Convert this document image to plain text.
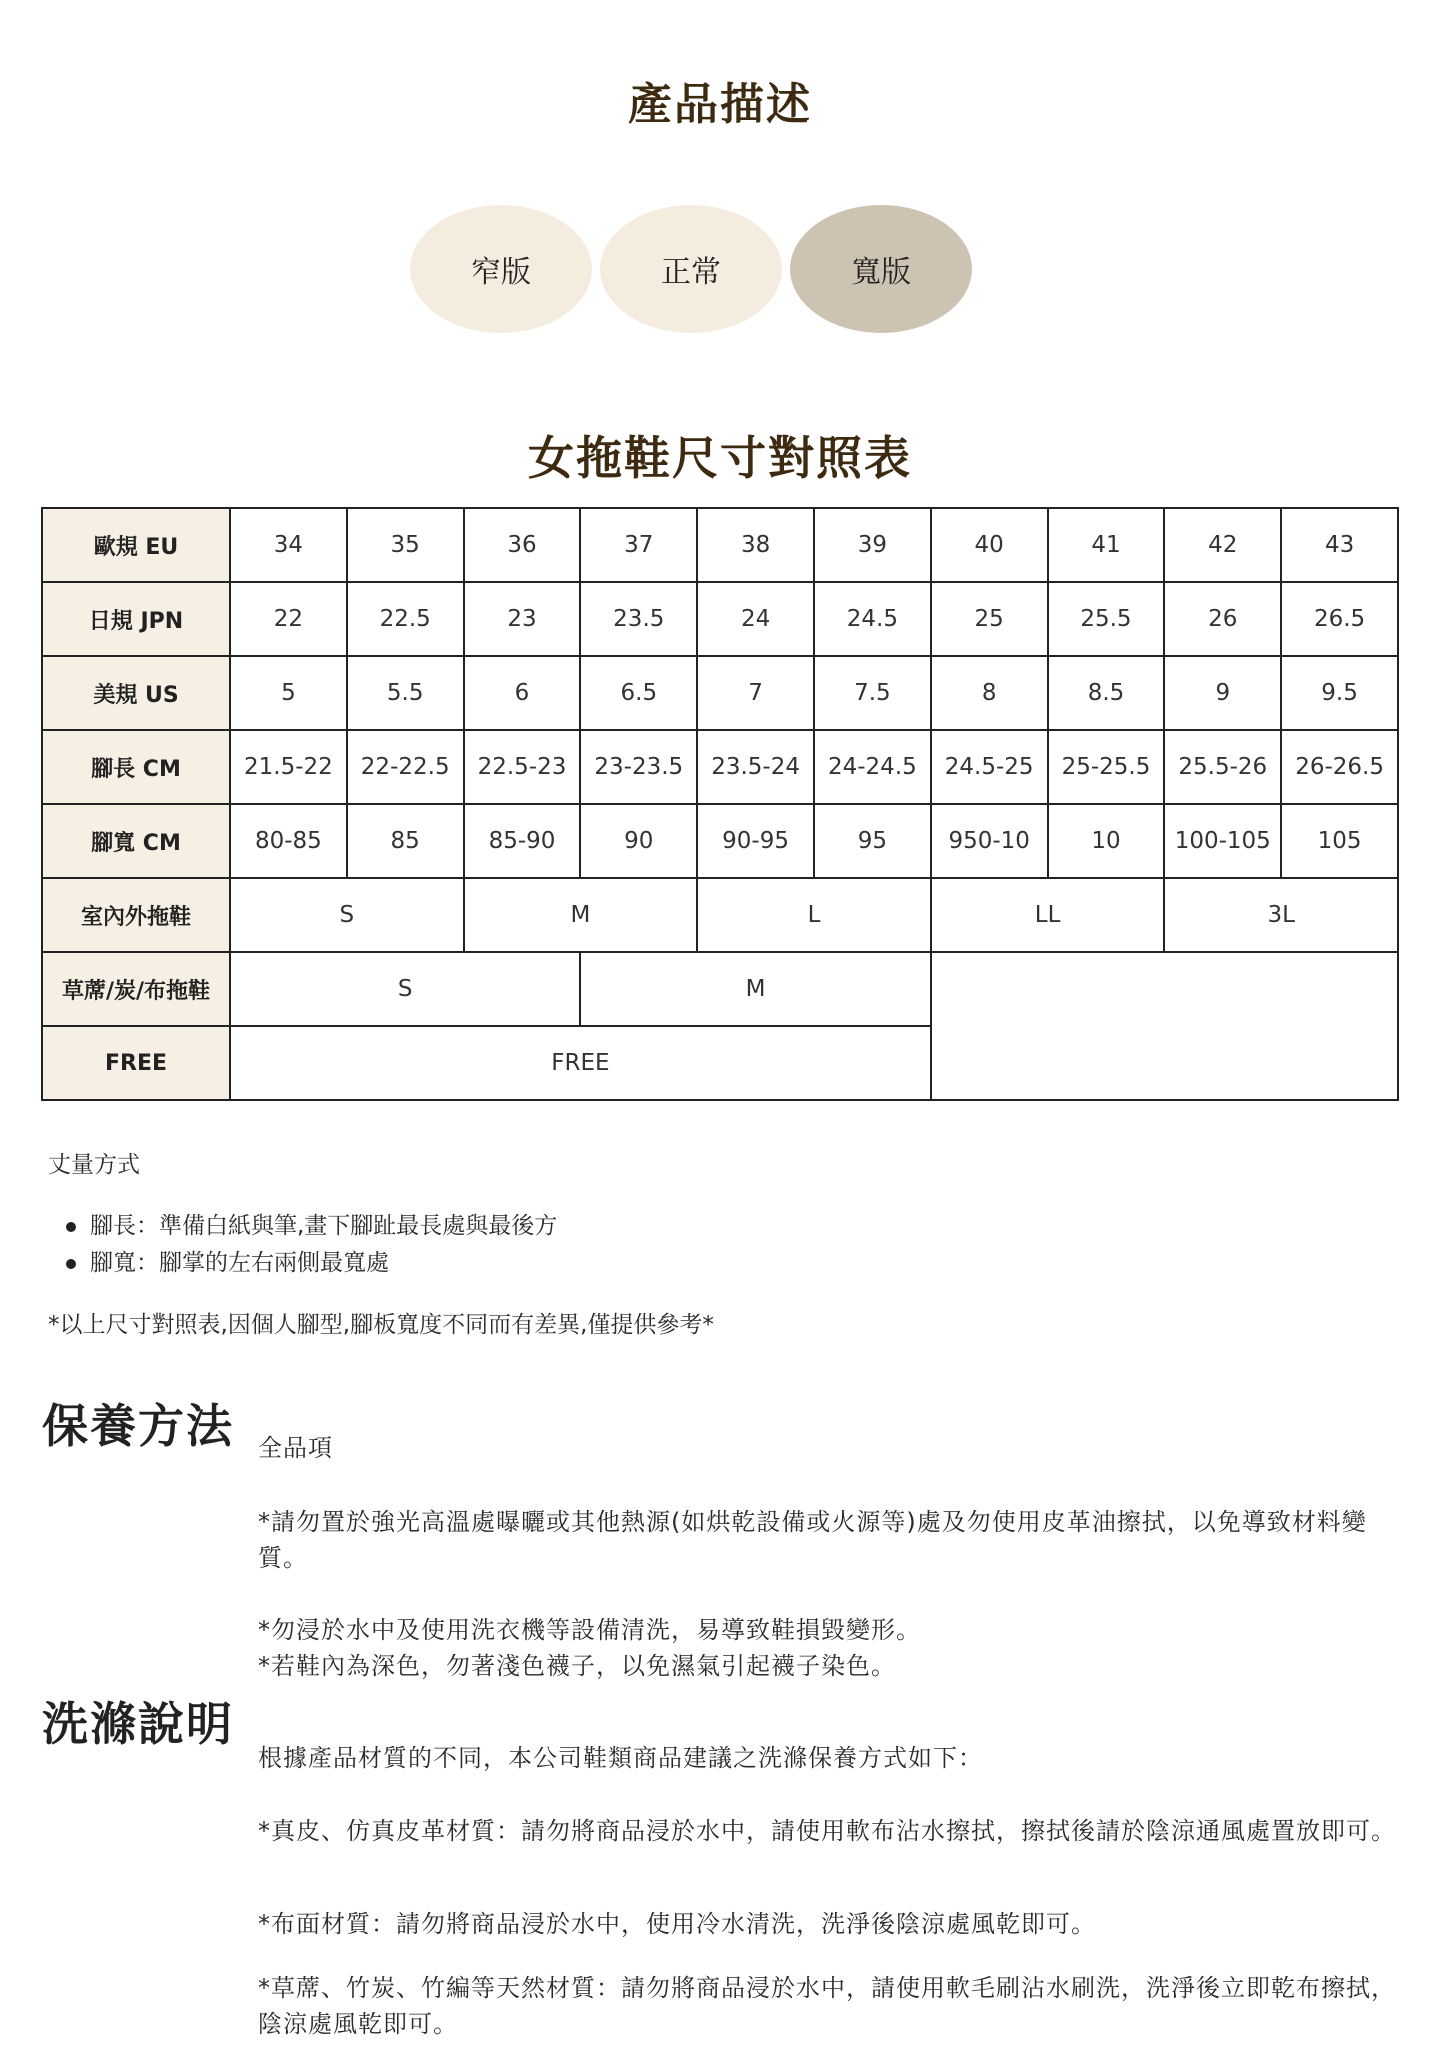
產品描述
窄版	正常	寬版
女拖鞋尺寸對照表
歐規 EU	34	35	36	37	38	39	40	41	42	43
日規 JPN	22	22.5	23	23.5	24	24.5	25	25.5	26	26.5
美規 US	5	5.5	6	6.5	7	7.5	8	8.5	9	9.5
腳長 CM	21.5-22	22-22.5	22.5-23	23-23.5	23.5-24	24-24.5	24.5-25	25-25.5	25.5-26	26-26.5
腳寬 CM	80-85	85	85-90	90	90-95	95	950-10	10	100-105	105
室內外拖鞋	S		M		L		LL		3L	
草蓆/炭/布拖鞋	S			M						
FREE	FREE									
丈量方式
腳長：準備白紙與筆,畫下腳趾最長處與最後方
腳寬：腳掌的左右兩側最寬處
*以上尺寸對照表,因個人腳型,腳板寬度不同而有差異,僅提供參考*
保養方法 全品項

*請勿置於強光高溫處曝曬或其他熱源(如烘乾設備或火源等)處及勿使用皮革油擦拭，以免導致材料變質。

*勿浸於水中及使用洗衣機等設備清洗，易導致鞋損毀變形。

*若鞋內為深色，勿著淺色襪子，以免濕氣引起襪子染色。

洗滌說明

根據產品材質的不同，本公司鞋類商品建議之洗滌保養方式如下：

*真皮、仿真皮革材質：請勿將商品浸於水中，請使用軟布沾水擦拭，擦拭後請於陰涼通風處置放即可。

*布面材質：請勿將商品浸於水中，使用冷水清洗，洗淨後陰涼處風乾即可。

*草蓆、竹炭、竹編等天然材質：請勿將商品浸於水中，請使用軟毛刷沾水刷洗，洗淨後立即乾布擦拭，陰涼處風乾即可。
